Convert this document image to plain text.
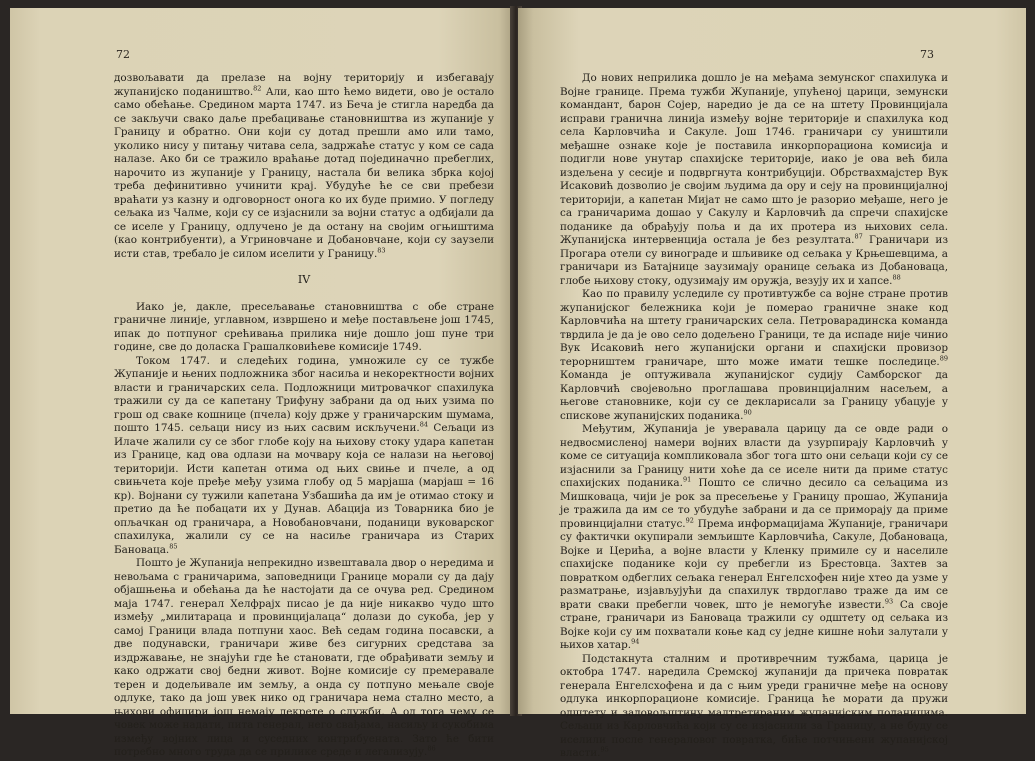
72

дозвољавати да прелазе на војну територију и избегавају жупанијско подаништво.$^{82}$ Али, као што ћемо видети, ово је остало само обећање. Средином марта 1747. из Беча је стигла наредба да се закључи свако даље пребацивање становништва из жупаније у Границу и обратно. Они који су дотад прешли амо или тамо, уколико нису у питању читава села, задржаће статус у ком се сада налазе. Ако би се тражило враћање дотад појединачно пребеглих, нарочито из жупаније у Границу, настала би велика збрка којој треба дефинитивно учинити крај. Убудуће ће се сви пребези враћати уз казну и одговорност онога ко их буде примио. У погледу сељака из Чалме, који су се изјаснили за војни статус а одбијали да се иселе у Границу, одлучено је да остану на својим огњиштима (као контрибуенти), а Угриновчане и Добановчане, који су заузели исти став, требало је силом иселити у Границу.$^{83}$

IV

Иако је, дакле, пресељавање становништва с обе стране граничне линије, углавном, извршено и међе постављене још 1745, ипак до потпуног срећивања прилика није дошло још пуне три године, све до доласка Грашалковићеве комисије 1749.

Током 1747. и следећих година, умножиле су се тужбе Жупаније и њених подложника због насиља и некоректности војних власти и граничарских села. Подложници митровачког спахилука тражили су да се капетану Трифуну забрани да од њих узима по грош од сваке кошнице (пчела) коју држе у граничарским шумама, пошто 1745. сељаци нису из њих сасвим искључени.$^{84}$ Сељаци из Илаче жалили су се због глобе коју на њихову стоку удара капетан из Границе, кад ова одлази на мочвару која се налази на његовој територији. Исти капетан отима од њих свиње и пчеле, а од свињчета које пређе међу узима глобу од 5 марјаша (марјаш = 16 кр). Војнани су тужили капетана Узбашића да им је отимао стоку и претио да ће побацати их у Дунав. Абација из Товарника био је опљачкан од граничара, а Новобановчани, поданици вуковарског спахилука, жалили су се на насиље граничара из Старих Бановаца.$^{85}$

Пошто је Жупанија непрекидно извештавала двор о нередима и невољама с граничарима, заповедници Границе морали су да дају објашњења и обећања да ће настојати да се очува ред. Средином маја 1747. генерал Хелфрајх писао је да није никакво чудо што између „милитараца и провинцијалаца“ долази до сукоба, јер у самој Граници влада потпуни хаос. Већ седам година посавски, а две подунавски, граничари живе без сигурних средстава за издржавање, не знајући где ће становати, где обрађивати земљу и како одржати свој бедни живот. Војне комисије су премеравале терен и додељивале им земљу, а онда су потпуно мењале своје одлуке, тако да још увек нико од граничара нема стално место, а њихови официри још немају декрете о служби. А од тога чему се човек може надати, пита генерал, него свађама, насиљу и сукобима између војних лица и суседних контрибуената. Зато ће бити потребно много труда да се прилике среде и легализују.$^{86}$

73

До нових неприлика дошло је на међама земунског спахилука и Војне границе. Према тужби Жупаније, упућеној царици, земунски командант, барон Сојер, наредио је да се на штету Провинцијала исправи гранична линија између војне територије и спахилука код села Карловчића и Сакуле. Још 1746. граничари су уништили међашне ознаке које је поставила инкорпорациона комисија и подигли нове унутар спахијске територије, иако је ова већ била издељена у сесије и подвргнута контрибуцији. Обрствахмајстер Вук Исаковић дозволио је својим људима да ору и сеју на провинцијалној територији, а капетан Мијат не само што је разорио међаше, него је са граничарима дошао у Сакулу и Карловчић да спречи спахијске поданике да обрађују поља и да их протера из њихових села. Жупанијска интервенција остала је без резултата.$^{87}$ Граничари из Прогара отели су винограде и шљивике од сељака у Крњешевцима, а граничари из Батајнице заузимају оранице сељака из Добановаца, глобе њихову стоку, одузимају им оружја, везују их и хапсе.$^{88}$

Као по правилу уследиле су противтужбе са војне стране против жупанијског бележника који је померао граничне знаке код Карловчића на штету граничарских села. Петроварадинска команда тврдила је да је ово село додељено Граници, те да испаде није чинио Вук Исаковић него жупанијски органи и спахијски провизор терорништем граничаре, што може имати тешке последице.$^{89}$ Команда је оптуживала жупанијског судију Самборског да Карловчић својевољно проглашава провинцијалним насељем, а његове становнике, који су се декларисали за Границу убацује у спискове жупанијских поданика.$^{90}$

Међутим, Жупанија је уверавала царицу да се овде ради о недвосмисленој намери војних власти да узурпирају Карловчић у коме се ситуација компликовала због тога што они сељаци који су се изјаснили за Границу нити хоће да се иселе нити да приме статус спахијских поданика.$^{91}$ Пошто се слично десило са сељацима из Мишковаца, чији је рок за пресељење у Границу прошао, Жупанија је тражила да им се то убудуће забрани и да се приморају да приме провинцијални статус.$^{92}$ Према информацијама Жупаније, граничари су фактички окупирали земљиште Карловчића, Сакуле, Добановаца, Војке и Церића, а војне власти у Кленку примиле су и населиле спахијске поданике који су пребегли из Брестовца. Захтев за повратком одбеглих сељака генерал Енгелсхофен није хтео да узме у разматрање, изјављујући да спахилук тврдоглаво траже да им се врати сваки пребегли човек, што је немогуће извести.$^{93}$ Са своје стране, граничари из Бановаца тражили су одштету од сељака из Војке који су им похватали коње кад су једне кишне ноћи залутали у њихов хатар.$^{94}$

Подстакнута сталним и противречним тужбама, царица је октобра 1747. наредила Сремској жупанији да причека повратак генерала Енгелсхофена и да с њим уреди граничне међе на основу одлука инкорпорационе комисије. Граница ће морати да пружи одштету и задовољштину малтретираним жупанијским поданицима. Сељаци из Карловчића који су се изјаснили за Границу, а не буду се иселили после генераловог повратка, биће потчињени жупанијској власти.$^{95}$
